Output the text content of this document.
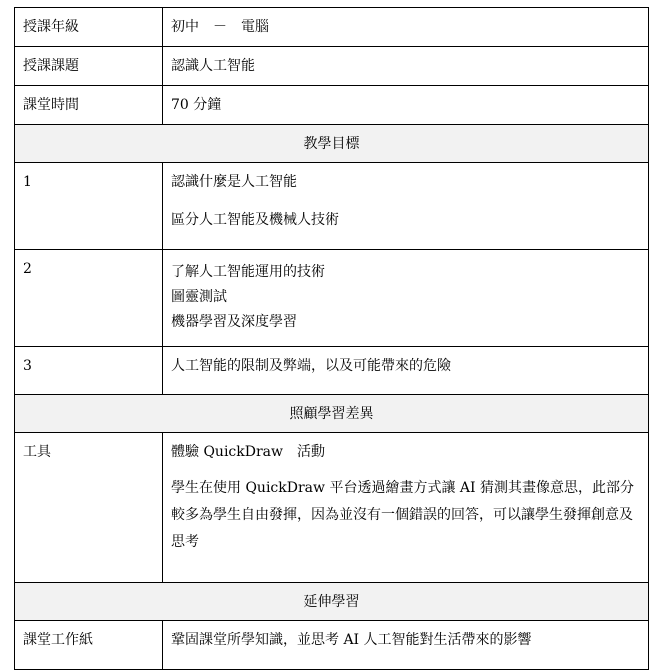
授課年級	初中　－　電腦

授課課題	認識人工智能

課堂時間	70 分鐘

教學目標	
1	認識什麼是人工智能
區分人工智能及機械人技術

2	了解人工智能運用的技術
圖靈測試
機器學習及深度學習

3	人工智能的限制及弊端，以及可能帶來的危險

照顧學習差異	
工具	體驗 QuickDraw　活動
學生在使用 QuickDraw 平台透過繪畫方式讓 AI 猜測其畫像意思，此部分較多為學生自由發揮，因為並沒有一個錯誤的回答，可以讓學生發揮創意及思考

延伸學習	
課堂工作紙	鞏固課堂所學知識，並思考 AI 人工智能對生活帶來的影響
